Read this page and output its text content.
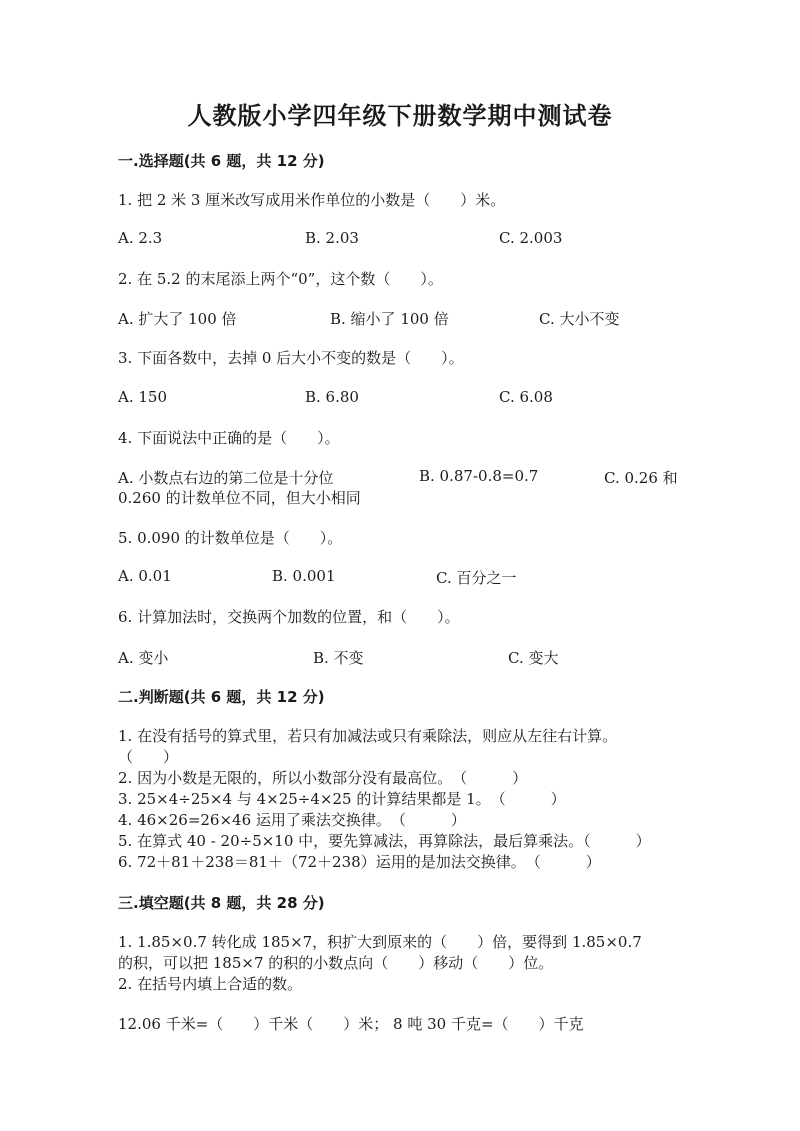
人教版小学四年级下册数学期中测试卷
一.选择题(共 6 题，共 12 分)
1. 把 2 米 3 厘米改写成用米作单位的小数是（　　）米。
A. 2.3	B. 2.03	C. 2.003
2. 在 5.2 的末尾添上两个“0”，这个数（　　）。
A. 扩大了 100 倍	B. 缩小了 100 倍	C. 大小不变
3. 下面各数中，去掉 0 后大小不变的数是（　　）。
A. 150	B. 6.80	C. 6.08
4. 下面说法中正确的是（　　）。
A. 小数点右边的第二位是十分位	B. 0.87-0.8=0.7	C. 0.26 和
0.260 的计数单位不同，但大小相同
5. 0.090 的计数单位是（　　）。
A. 0.01	B. 0.001	C. 百分之一
6. 计算加法时，交换两个加数的位置，和（　　）。
A. 变小	B. 不变	C. 变大
二.判断题(共 6 题，共 12 分)
1. 在没有括号的算式里，若只有加减法或只有乘除法，则应从左往右计算。
（　　）
2. 因为小数是无限的，所以小数部分没有最高位。　（　　　）
3. 25×4÷25×4 与 4×25÷4×25 的计算结果都是 1。　（　　　）
4. 46×26=26×46 运用了乘法交换律。　（　　　）
5. 在算式 40 - 20÷5×10 中，要先算减法，再算除法，最后算乘法。（　　　）
6. 72＋81＋238＝81＋（72＋238）运用的是加法交换律。　（　　　）
三.填空题(共 8 题，共 28 分)
1. 1.85×0.7 转化成 185×7，积扩大到原来的（　　）倍，要得到 1.85×0.7
的积，可以把 185×7 的积的小数点向（　　）移动（　　）位。
2. 在括号内填上合适的数。
12.06 千米=（　　）千米（　　）米； 8 吨 30 千克=（　　）千克
